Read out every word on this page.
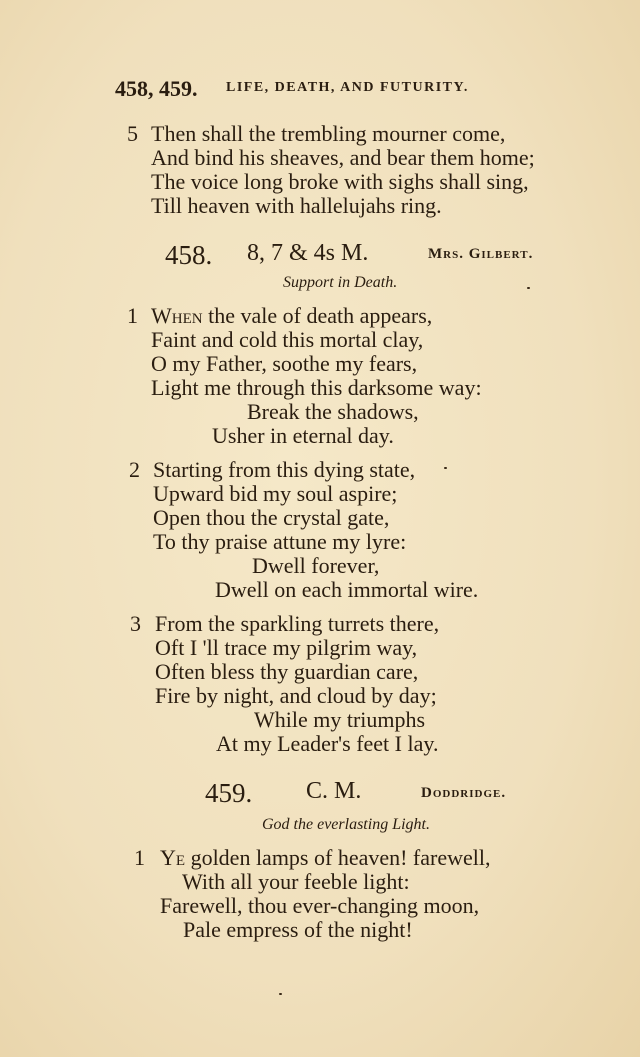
458, 459. LIFE, DEATH, AND FUTURITY.
5 Then shall the trembling mourner come,
And bind his sheaves, and bear them home;
The voice long broke with sighs shall sing,
Till heaven with hallelujahs ring.
458. 8, 7 & 4s M.	Mrs. Gilbert.
Support in Death.
1 When the vale of death appears,
Faint and cold this mortal clay,
O my Father, soothe my fears,
Light me through this darksome way:
Break the shadows,
Usher in eternal day.
2 Starting from this dying state,
Upward bid my soul aspire;
Open thou the crystal gate,
To thy praise attune my lyre:
Dwell forever,
Dwell on each immortal wire.
3 From the sparkling turrets there,
Oft I 'll trace my pilgrim way,
Often bless thy guardian care,
Fire by night, and cloud by day;
While my triumphs
At my Leader's feet I lay.
459. C. M.	Doddridge.
God the everlasting Light.
1 Ye golden lamps of heaven! farewell,
With all your feeble light:
Farewell, thou ever-changing moon,
Pale empress of the night!
